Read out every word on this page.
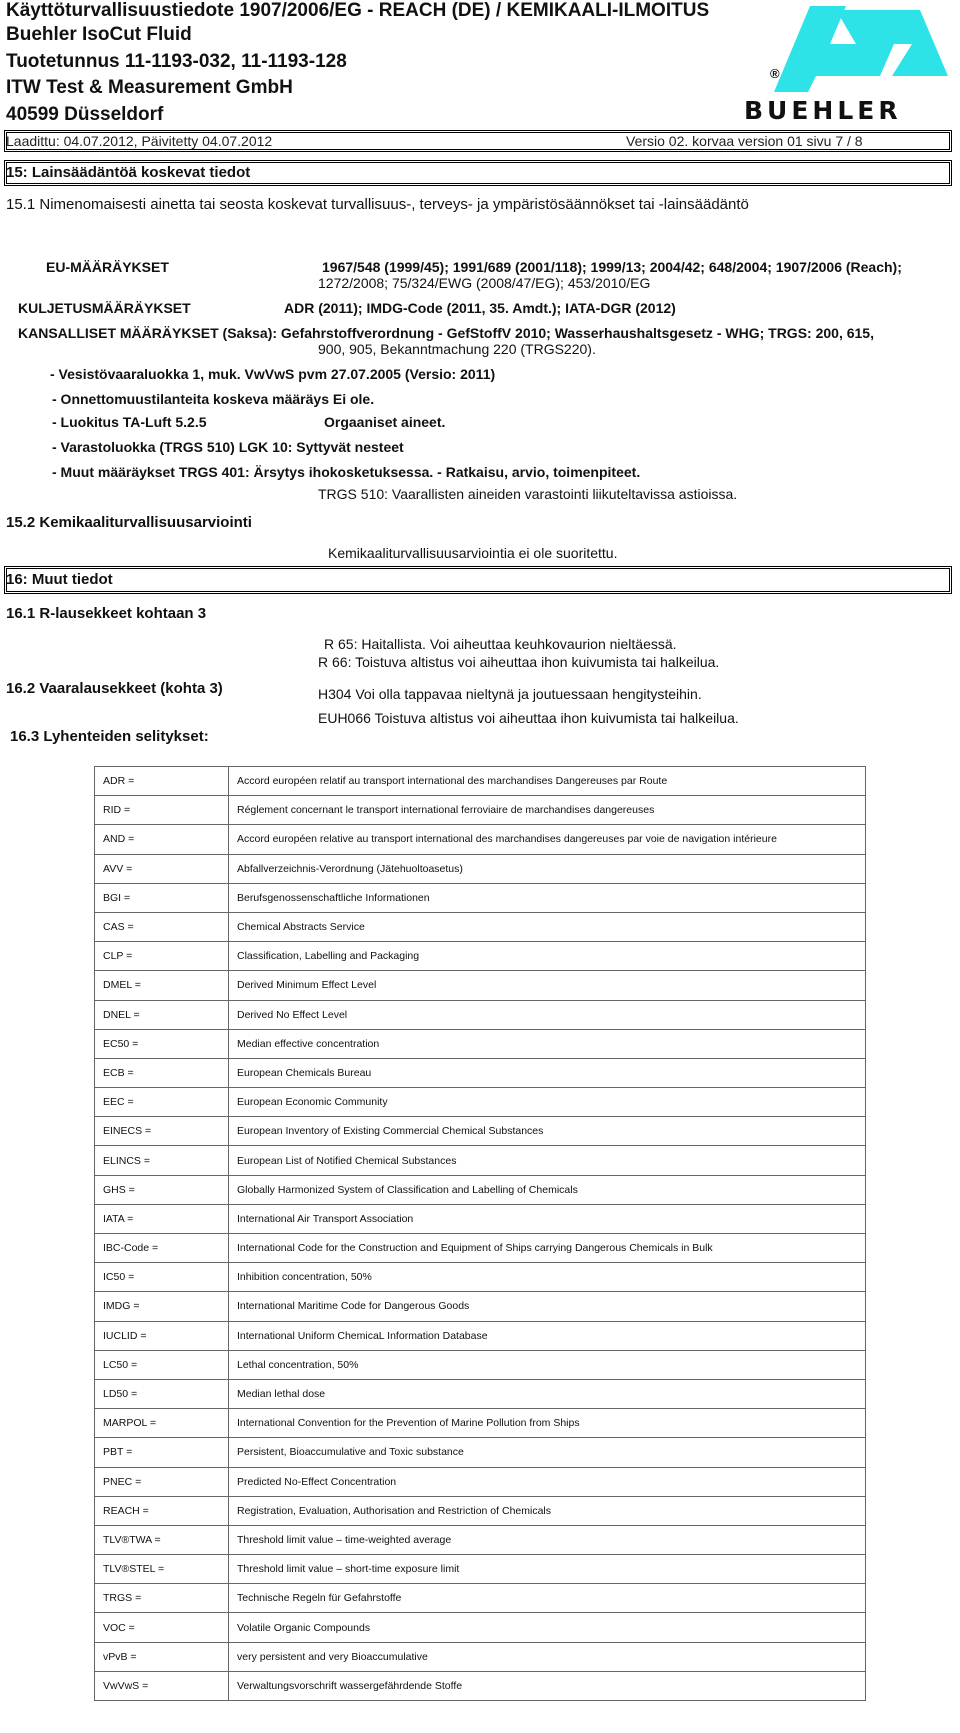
Käyttöturvallisuustiedote 1907/2006/EG - REACH (DE) / KEMIKAALI-ILMOITUS
Buehler IsoCut Fluid
Tuotetunnus 11-1193-032, 11-1193-128
ITW Test & Measurement GmbH
40599 Düsseldorf
®
BUEHLER
Laadittu: 04.07.2012, Päivitetty 04.07.2012	Versio 02. korvaa version 01 sivu 7 / 8
15: Lainsäädäntöä koskevat tiedot
15.1 Nimenomaisesti ainetta tai seosta koskevat turvallisuus-, terveys- ja ympäristösäännökset tai -lainsäädäntö
EU-MÄÄRÄYKSET	1967/548 (1999/45); 1991/689 (2001/118); 1999/13; 2004/42; 648/2004; 1907/2006 (Reach);
1272/2008; 75/324/EWG (2008/47/EG); 453/2010/EG
KULJETUSMÄÄRÄYKSET	ADR (2011); IMDG-Code (2011, 35. Amdt.); IATA-DGR (2012)
KANSALLISET MÄÄRÄYKSET (Saksa): Gefahrstoffverordnung - GefStoffV 2010; Wasserhaushaltsgesetz - WHG; TRGS: 200, 615,
900, 905, Bekanntmachung 220 (TRGS220).
- Vesistövaaraluokka 1, muk. VwVwS pvm 27.07.2005 (Versio: 2011)
- Onnettomuustilanteita koskeva määräys Ei ole.
- Luokitus TA-Luft 5.2.5	Orgaaniset aineet.
- Varastoluokka (TRGS 510) LGK 10: Syttyvät nesteet
- Muut määräykset TRGS 401: Ärsytys ihokosketuksessa. - Ratkaisu, arvio, toimenpiteet.
TRGS 510: Vaarallisten aineiden varastointi liikuteltavissa astioissa.
15.2 Kemikaaliturvallisuusarviointi
Kemikaaliturvallisuusarviointia ei ole suoritettu.
16: Muut tiedot
16.1 R-lausekkeet kohtaan 3
R 65: Haitallista. Voi aiheuttaa keuhkovaurion nieltäessä.
R 66: Toistuva altistus voi aiheuttaa ihon kuivumista tai halkeilua.
16.2 Vaaralausekkeet (kohta 3)	H304 Voi olla tappavaa nieltynä ja joutuessaan hengitysteihin.
EUH066 Toistuva altistus voi aiheuttaa ihon kuivumista tai halkeilua.
16.3 Lyhenteiden selitykset:
ADR =	Accord européen relatif au transport international des marchandises Dangereuses par Route
RID =	Réglement concernant le transport international ferroviaire de marchandises dangereuses
AND =	Accord européen relative au transport international des marchandises dangereuses par voie de navigation intérieure
AVV =	Abfallverzeichnis-Verordnung (Jätehuoltoasetus)
BGI =	Berufsgenossenschaftliche Informationen
CAS =	Chemical Abstracts Service
CLP =	Classification, Labelling and Packaging
DMEL =	Derived Minimum Effect Level
DNEL =	Derived No Effect Level
EC50 =	Median effective concentration
ECB =	European Chemicals Bureau
EEC =	European Economic Community
EINECS =	European Inventory of Existing Commercial Chemical Substances
ELINCS =	European List of Notified Chemical Substances
GHS =	Globally Harmonized System of Classification and Labelling of Chemicals
IATA =	International Air Transport Association
IBC-Code =	International Code for the Construction and Equipment of Ships carrying Dangerous Chemicals in Bulk
IC50 =	Inhibition concentration, 50%
IMDG =	International Maritime Code for Dangerous Goods
IUCLID =	International Uniform ChemicaL Information Database
LC50 =	Lethal concentration, 50%
LD50 =	Median lethal dose
MARPOL =	International Convention for the Prevention of Marine Pollution from Ships
PBT =	Persistent, Bioaccumulative and Toxic substance
PNEC =	Predicted No-Effect Concentration
REACH =	Registration, Evaluation, Authorisation and Restriction of Chemicals
TLV®TWA =	Threshold limit value – time-weighted average
TLV®STEL =	Threshold limit value – short-time exposure limit
TRGS =	Technische Regeln für Gefahrstoffe
VOC =	Volatile Organic Compounds
vPvB =	very persistent and very Bioaccumulative
VwVwS =	Verwaltungsvorschrift wassergefährdende Stoffe
